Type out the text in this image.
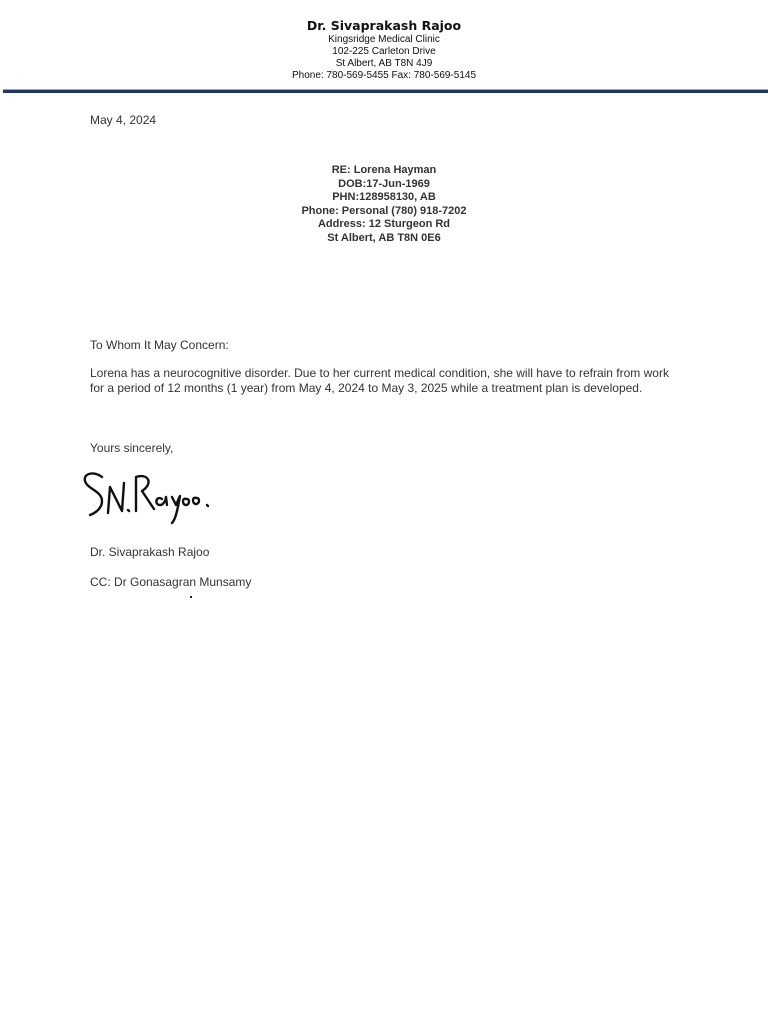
Dr. Sivaprakash Rajoo
Kingsridge Medical Clinic
102-225 Carleton Drive
St Albert, AB T8N 4J9
Phone: 780-569-5455 Fax: 780-569-5145
May 4, 2024
RE: Lorena Hayman
DOB:17-Jun-1969
PHN:128958130, AB
Phone: Personal (780) 918-7202
Address: 12 Sturgeon Rd
St Albert, AB T8N 0E6
To Whom It May Concern:
Lorena has a neurocognitive disorder. Due to her current medical condition, she will have to refrain from work for a period of 12 months (1 year) from May 4, 2024 to May 3, 2025 while a treatment plan is developed.
Yours sincerely,
Dr. Sivaprakash Rajoo
CC: Dr Gonasagran Munsamy
